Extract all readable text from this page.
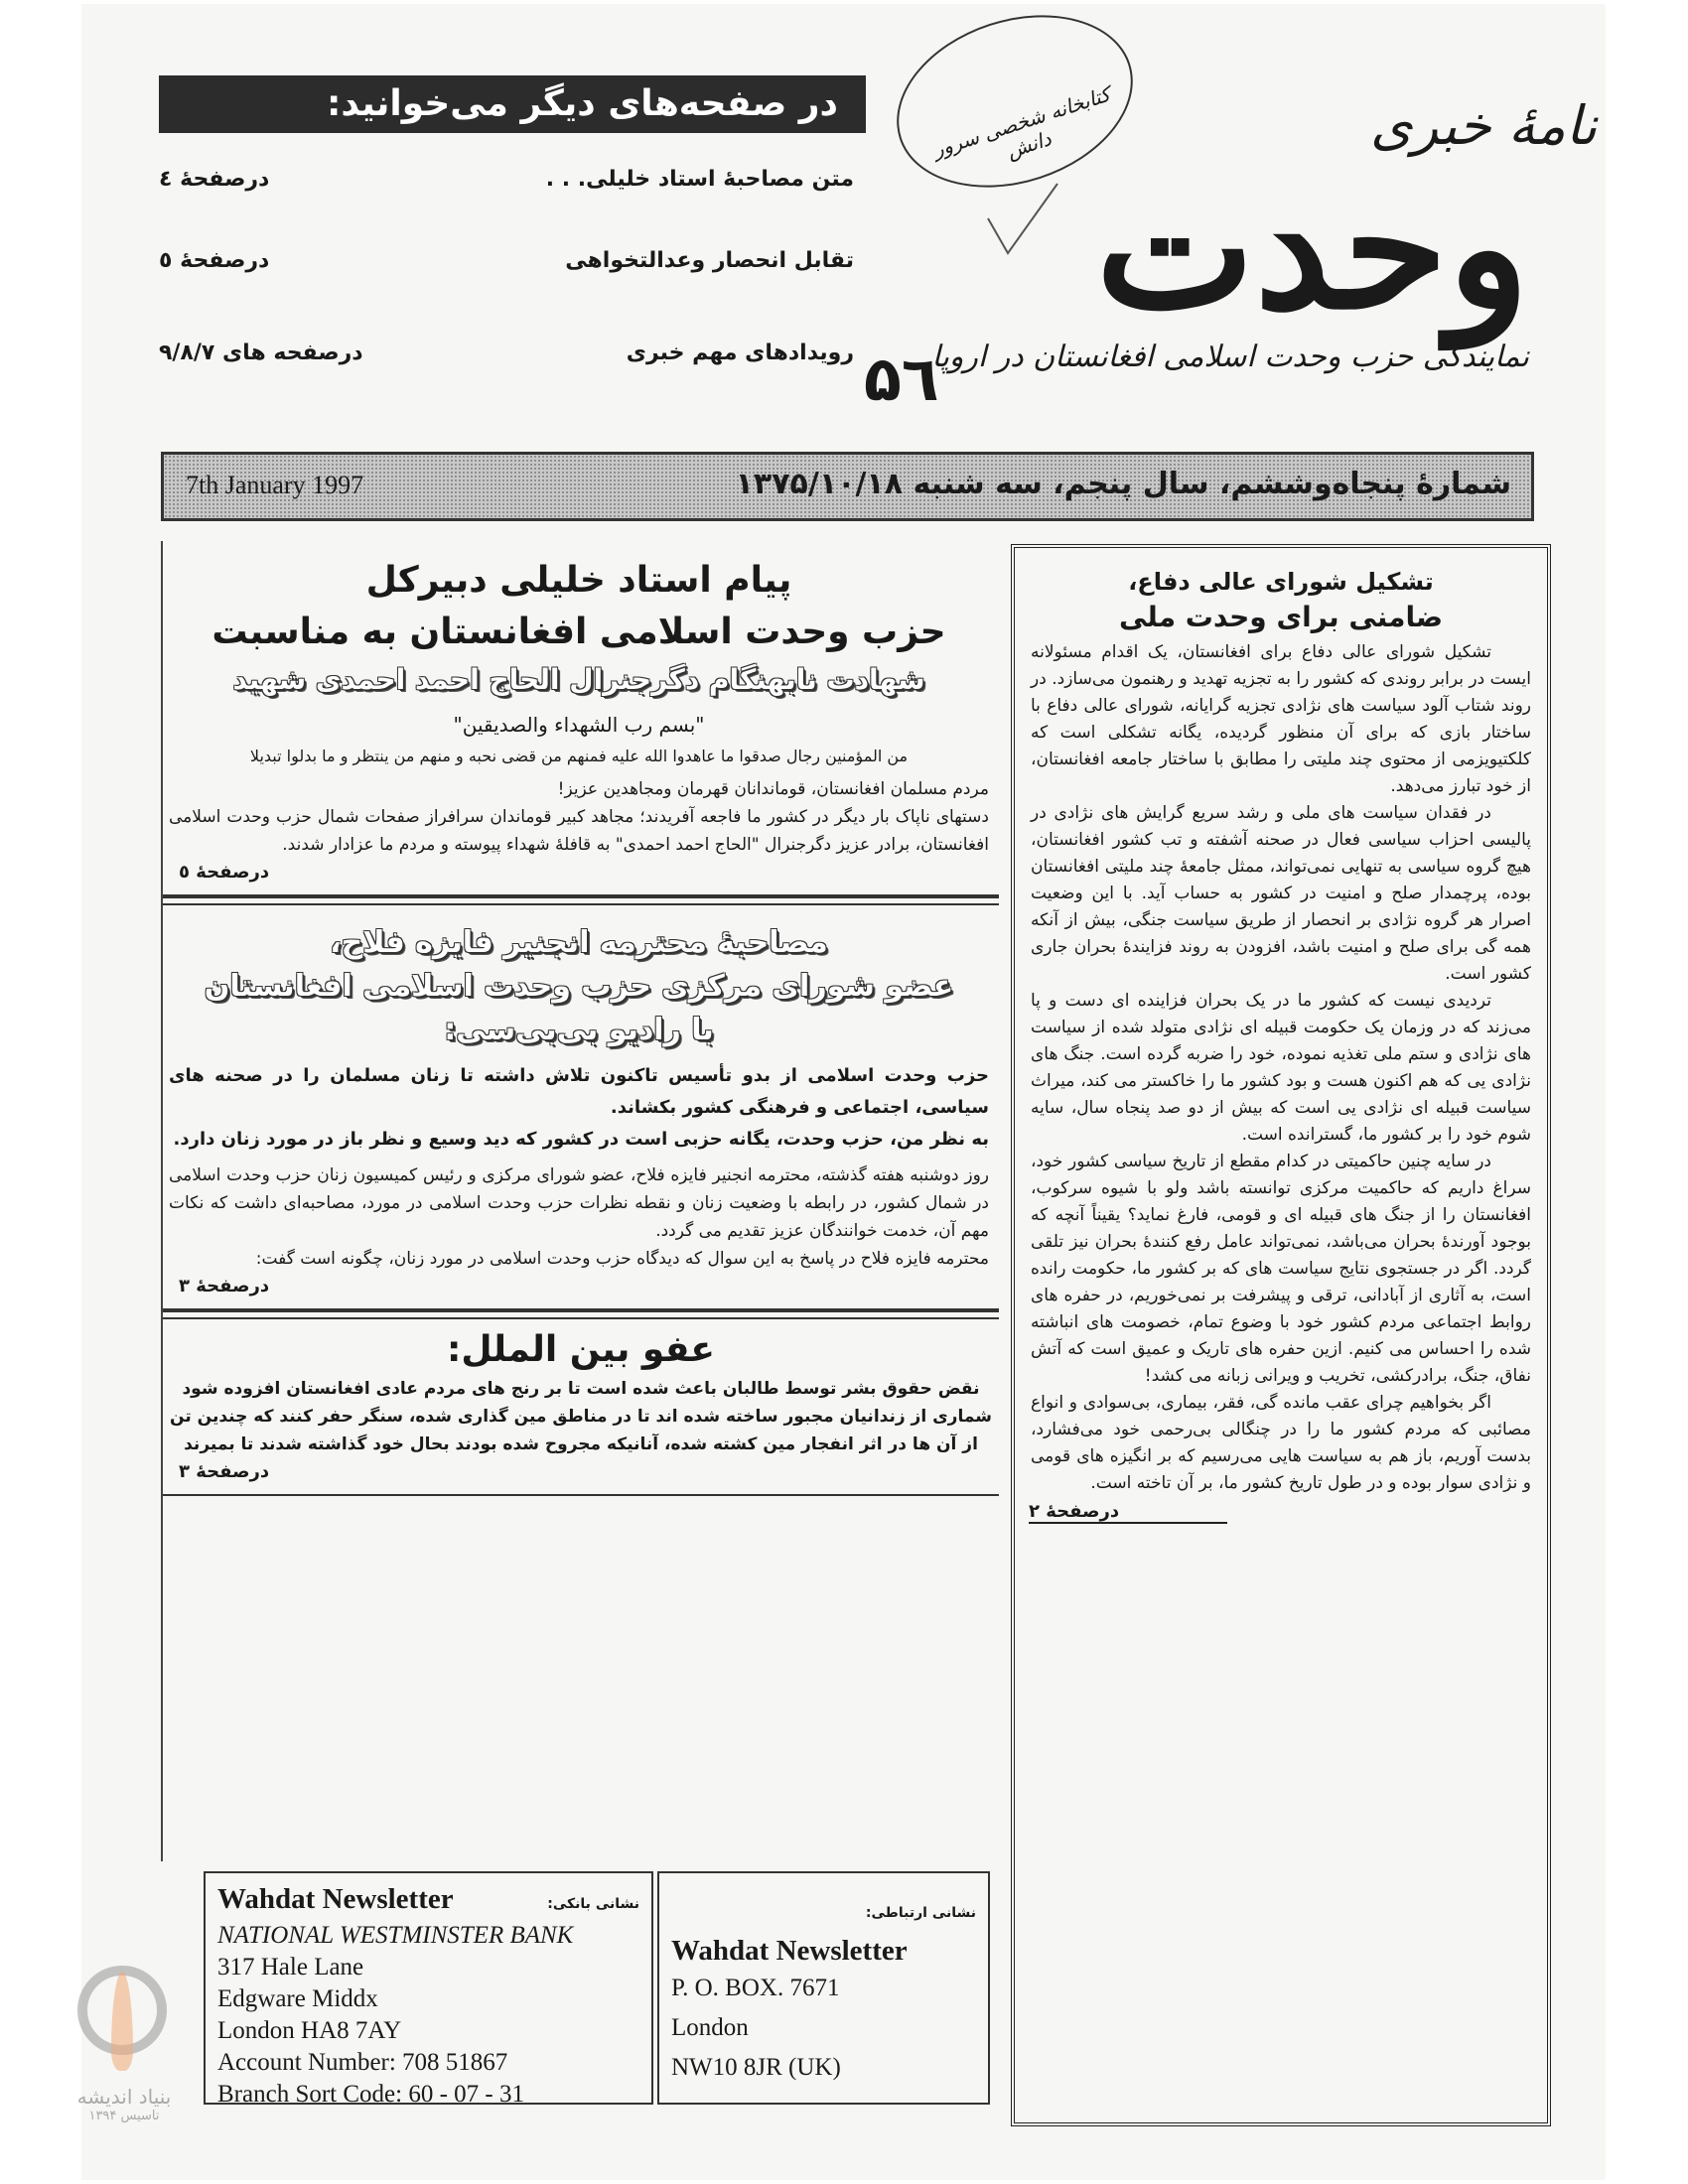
در صفحه‌های دیگر می‌خوانید:
متن مصاحبهٔ استاد خلیلی. . .
درصفحهٔ ٤
تقابل انحصار وعدالتخواهی
درصفحهٔ ٥
رویدادهای مهم خبری
درصفحه های ۹/۸/۷
کتابخانه شخصی سرور دانش	نامهٔ خبری
وحدت
نمایندگی حزب وحدت اسلامی افغانستان در اروپا
۵٦
شمارهٔ پنجاه‌وششم، سال پنجم، سه شنبه ۱۳۷۵/۱۰/۱۸
7th January 1997
پیام استاد خلیلی دبیرکل
حزب وحدت اسلامی افغانستان به مناسبت
شهادت نابهنگام دگرجنرال الحاج احمد احمدی شهید
"بسم رب الشهداء والصدیقین"
من المؤمنین رجال صدقوا ما عاهدوا الله علیه فمنهم من قضی نحبه و منهم من ینتظر و ما بدلوا تبدیلا
مردم مسلمان افغانستان، قوماندانان قهرمان ومجاهدین عزیز!
دستهای ناپاک بار دیگر در کشور ما فاجعه آفریدند؛ مجاهد کبیر قوماندان سرافراز صفحات شمال حزب وحدت اسلامی افغانستان، برادر عزیز دگرجنرال "الحاج احمد احمدی" به قافلهٔ شهداء پیوسته و مردم ما عزادار شدند.
درصفحهٔ ٥
مصاحبهٔ محترمه انجنیر فایزه فلاح،
عضو شورای مرکزی حزب وحدت اسلامی افغانستان
با رادیو بی‌بی‌سی:
حزب وحدت اسلامی از بدو تأسیس تاکنون تلاش داشته تا زنان مسلمان را در صحنه های سیاسی، اجتماعی و فرهنگی کشور بکشاند.
به نظر من، حزب وحدت، یگانه حزبی است در کشور که دید وسیع و نظر باز در مورد زنان دارد.
روز دوشنبه هفته گذشته، محترمه انجنیر فایزه فلاح، عضو شورای مرکزی و رئیس کمیسیون زنان حزب وحدت اسلامی در شمال کشور، در رابطه با وضعیت زنان و نقطه نظرات حزب وحدت اسلامی در مورد، مصاحبه‌ای داشت که نکات مهم آن، خدمت خوانندگان عزیز تقدیم می گردد.
محترمه فایزه فلاح در پاسخ به این سوال که دیدگاه حزب وحدت اسلامی در مورد زنان، چگونه است گفت:
درصفحهٔ ۳
عفو بین الملل:
نقض حقوق بشر توسط طالبان باعث شده است تا بر رنج های مردم عادی افغانستان افزوده شود شماری از زندانیان مجبور ساخته شده اند تا در مناطق مین گذاری شده، سنگر حفر کنند که چندین تن از آن ها در اثر انفجار مین کشته شده، آنانیکه مجروح شده بودند بحال خود گذاشته شدند تا بمیرند
درصفحهٔ ۳
Wahdat Newsletter	نشانی بانکی:
NATIONAL WESTMINSTER BANK
317 Hale Lane
Edgware Middx
London HA8 7AY
Account Number: 708 51867
Branch Sort Code: 60 - 07 - 31
نشانی ارتباطی:
Wahdat Newsletter
P. O. BOX. 7671
London
NW10 8JR (UK)
تشکیل شورای عالی دفاع،
ضامنی برای وحدت ملی
تشکیل شورای عالی دفاع برای افغانستان، یک اقدام مسئولانه ایست در برابر روندی که کشور را به تجزیه تهدید و رهنمون می‌سازد. در روند شتاب آلود سیاست های نژادی تجزیه گرایانه، شورای عالی دفاع با ساختار بازی که برای آن منظور گردیده، یگانه تشکلی است که کلکتیویزمی از محتوی چند ملیتی را مطابق با ساختار جامعه افغانستان، از خود تبارز می‌دهد.
در فقدان سیاست های ملی و رشد سریع گرایش های نژادی در پالیسی احزاب سیاسی فعال در صحنه آشفته و تب کشور افغانستان، هیچ گروه سیاسی به تنهایی نمی‌تواند، ممثل جامعهٔ چند ملیتی افغانستان بوده، پرچمدار صلح و امنیت در کشور به حساب آید. با این وضعیت اصرار هر گروه نژادی بر انحصار از طریق سیاست جنگی، بیش از آنکه همه گی برای صلح و امنیت باشد، افزودن به روند فزایندهٔ بحران جاری کشور است.
تردیدی نیست که کشور ما در یک بحران فزاینده ای دست و پا می‌زند که در وزمان یک حکومت قبیله ای نژادی متولد شده از سیاست های نژادی و ستم ملی تغذیه نموده، خود را ضربه گرده است. جنگ های نژادی یی که هم اکنون هست و بود کشور ما را خاکستر می کند، میراث سیاست قبیله ای نژادی یی است که بیش از دو صد پنجاه سال، سایه شوم خود را بر کشور ما، گسترانده است.
در سایه چنین حاکمیتی در کدام مقطع از تاریخ سیاسی کشور خود، سراغ داریم که حاکمیت مرکزی توانسته باشد ولو با شیوه سرکوب، افغانستان را از جنگ های قبیله ای و قومی، فارغ نماید؟ یقیناً آنچه که بوجود آورندهٔ بحران می‌باشد، نمی‌تواند عامل رفع کنندهٔ بحران نیز تلقی گردد. اگر در جستجوی نتایج سیاست های که بر کشور ما، حکومت رانده است، به آثاری از آبادانی، ترقی و پیشرفت بر نمی‌خوریم، در حفره های روابط اجتماعی مردم کشور خود با وضوع تمام، خصومت های انباشته شده را احساس می کنیم. ازین حفره های تاریک و عمیق است که آتش نفاق، جنگ، برادرکشی، تخریب و ویرانی زبانه می کشد!
اگر بخواهیم چرای عقب مانده گی، فقر، بیماری، بی‌سوادی و انواع مصائبی که مردم کشور ما را در چنگالی بی‌رحمی خود می‌فشارد، بدست آوریم، باز هم به سیاست هایی می‌رسیم که بر انگیزه های قومی و نژادی سوار بوده و در طول تاریخ کشور ما، بر آن تاخته است.
درصفحهٔ ۲
بنیاد اندیشه
تاسیس ۱۳۹۴
